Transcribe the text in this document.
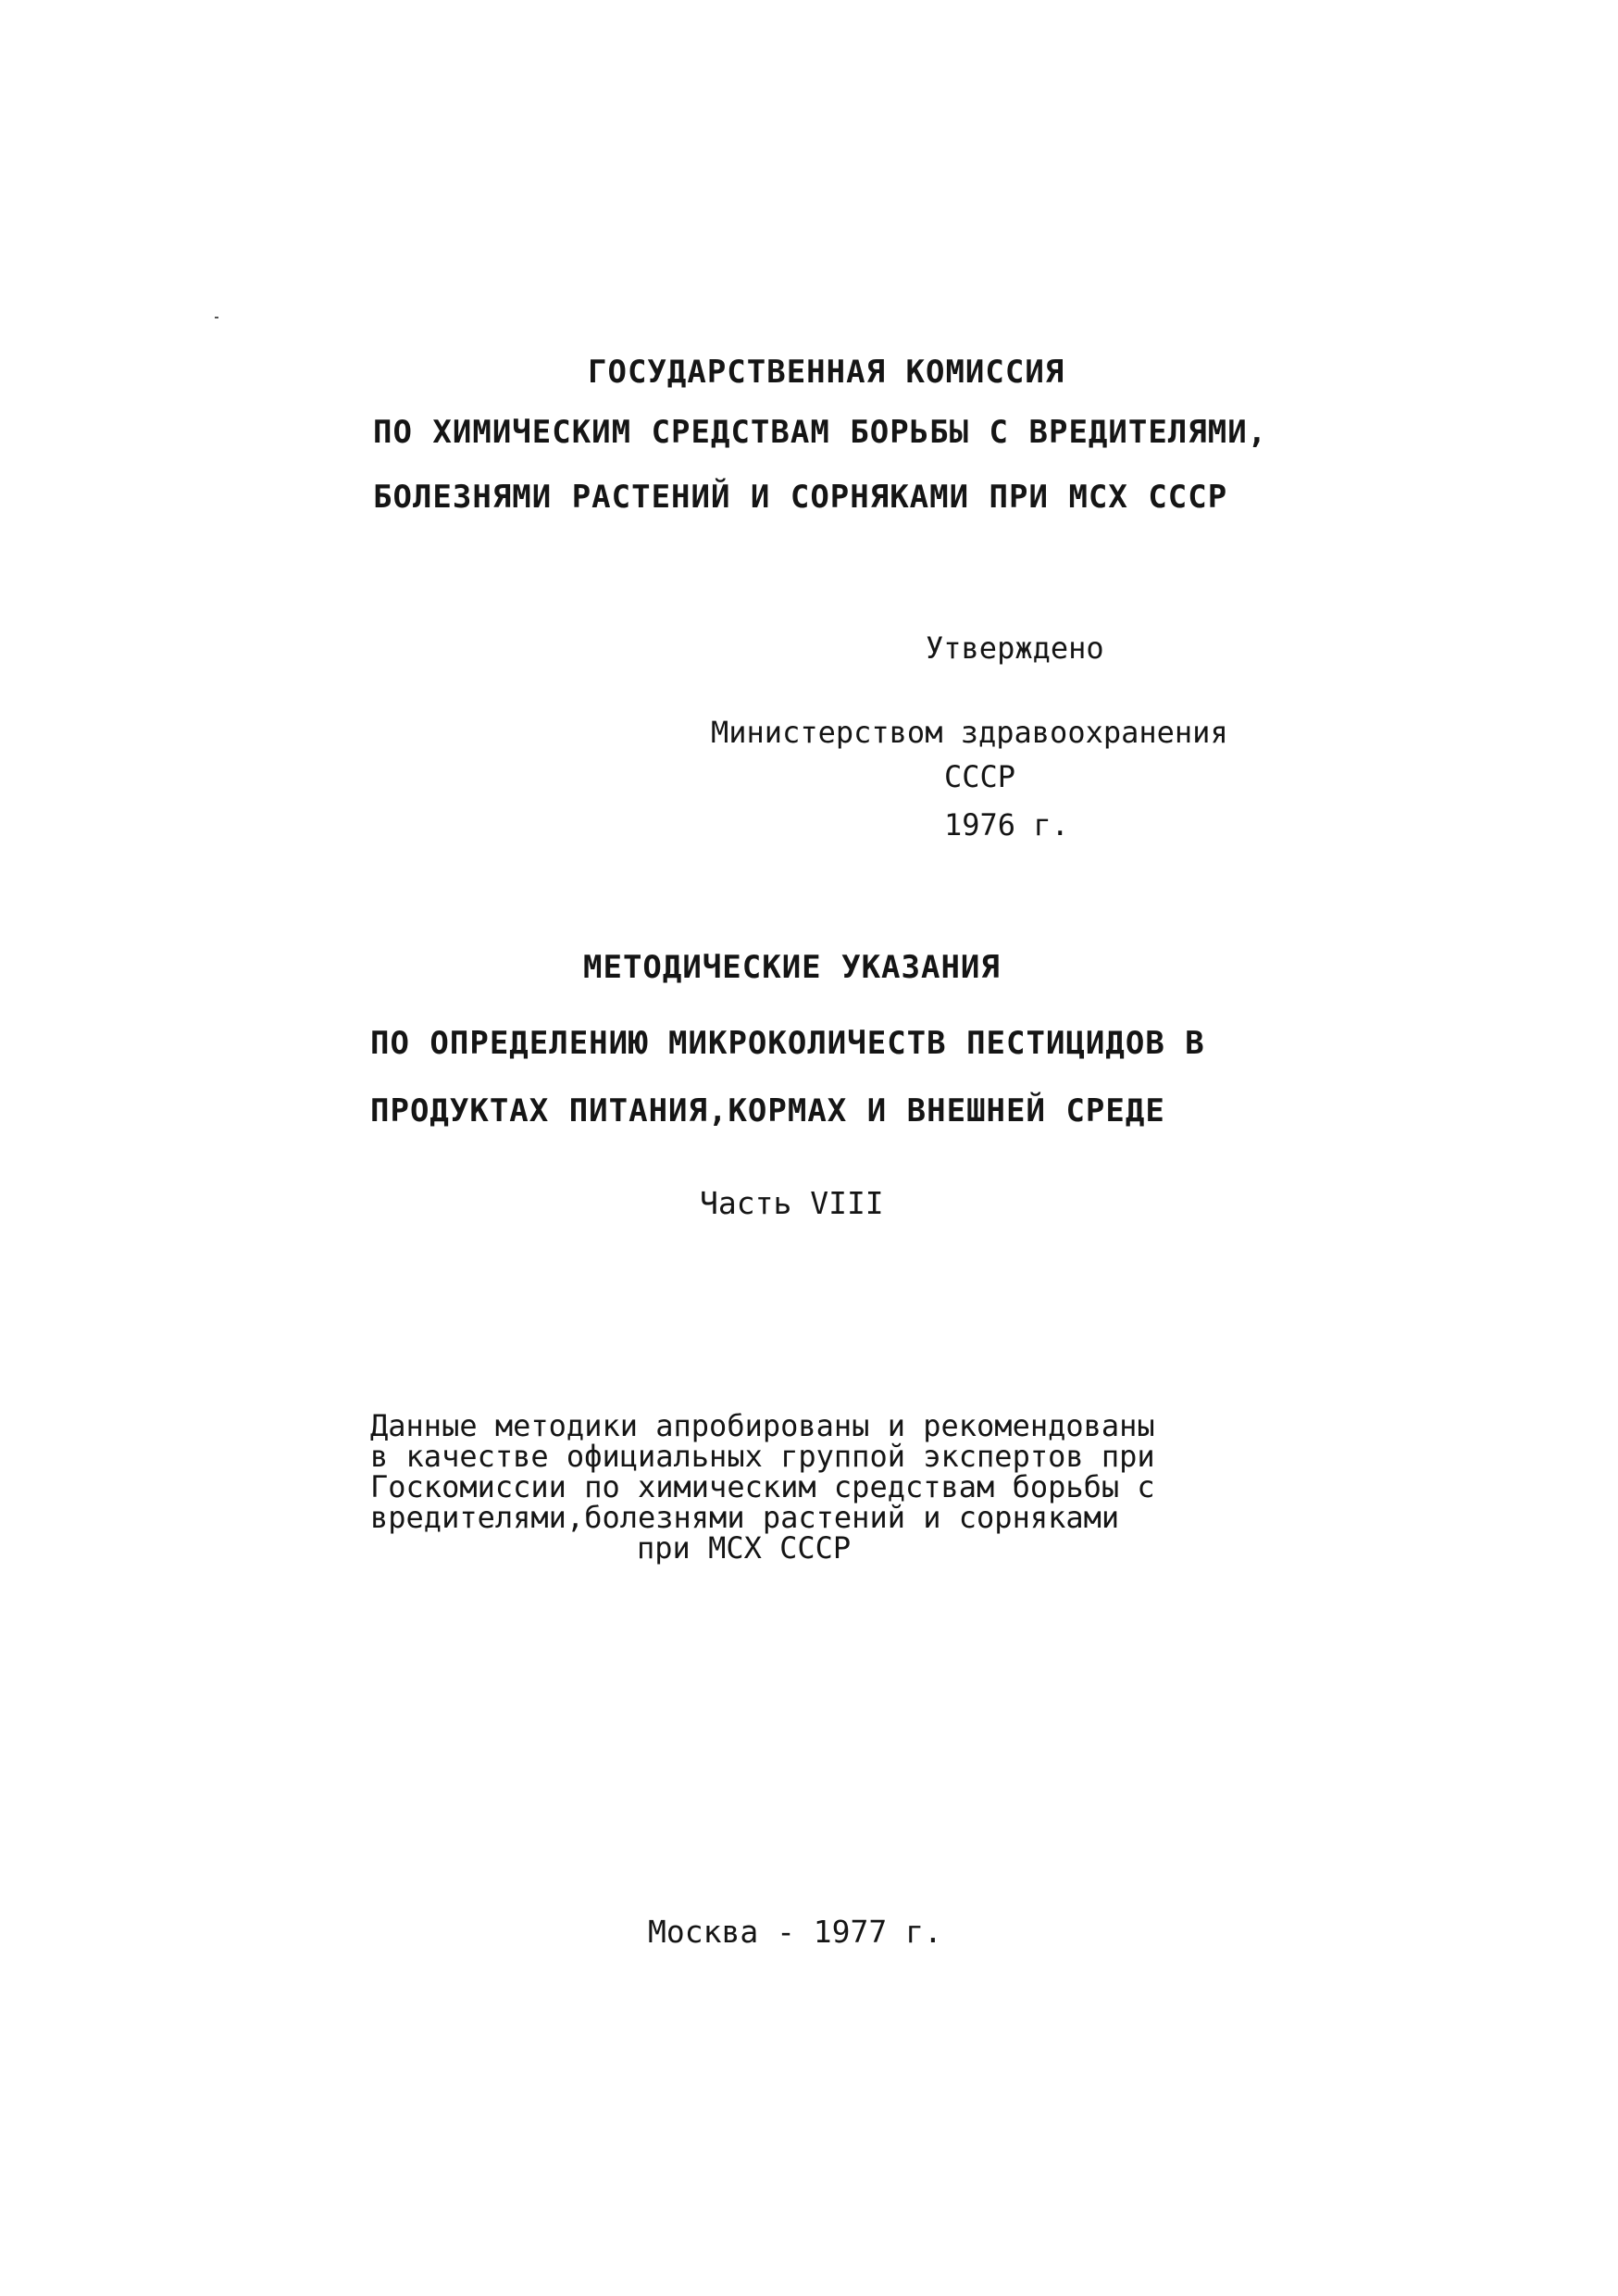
ГОСУДАРСТВЕННАЯ КОМИССИЯ
ПО ХИМИЧЕСКИМ СРЕДСТВАМ БОРЬБЫ С ВРЕДИТЕЛЯМИ,
БОЛЕЗНЯМИ РАСТЕНИЙ И СОРНЯКАМИ ПРИ МСХ СССР
Утверждено
Министерством здравоохранения
СССР
1976 г.
МЕТОДИЧЕСКИЕ УКАЗАНИЯ
ПО ОПРЕДЕЛЕНИЮ МИКРОКОЛИЧЕСТВ ПЕСТИЦИДОВ В
ПРОДУКТАХ ПИТАНИЯ,КОРМАХ И ВНЕШНЕЙ СРЕДЕ
Часть VIII
Данные методики апробированы и рекомендованы
в качестве официальных группой экспертов при
Госкомиссии по химическим средствам борьбы с
вредителями,болезнями растений и сорняками
при МСХ СССР
Москва - 1977 г.
